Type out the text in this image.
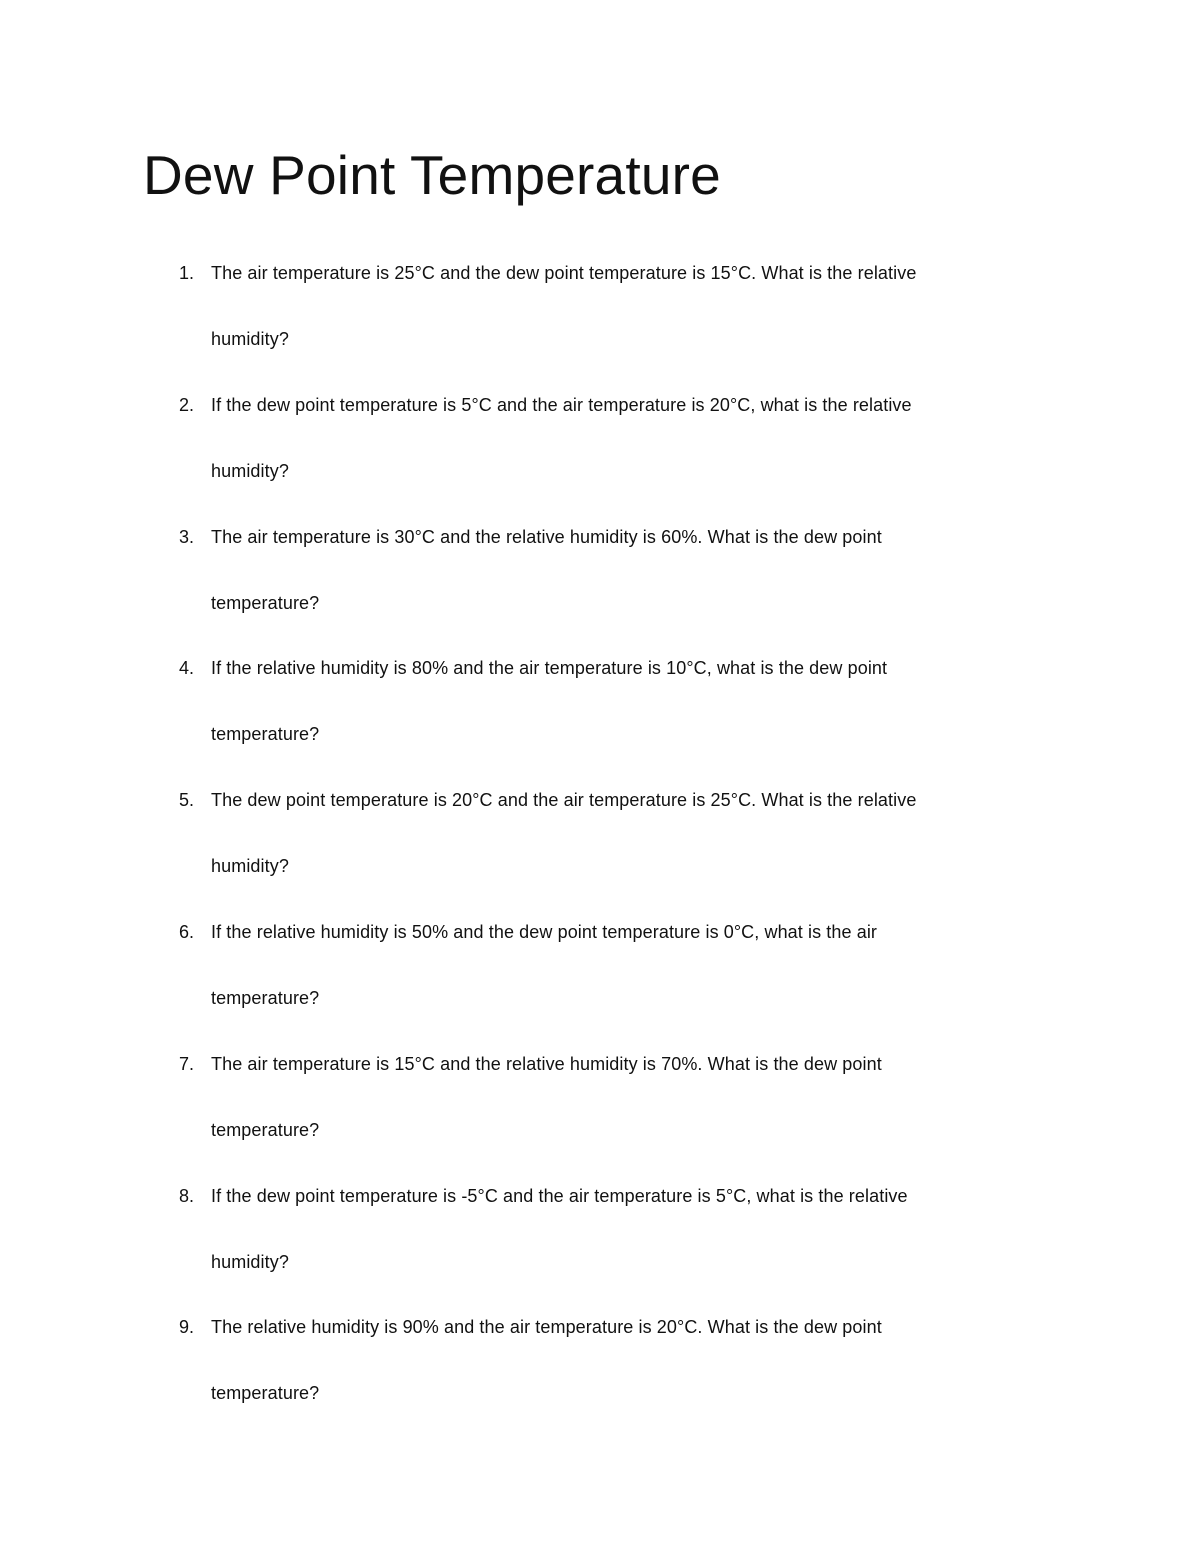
Dew Point Temperature
1. The air temperature is 25°C and the dew point temperature is 15°C. What is the relative humidity?
2. If the dew point temperature is 5°C and the air temperature is 20°C, what is the relative humidity?
3. The air temperature is 30°C and the relative humidity is 60%. What is the dew point temperature?
4. If the relative humidity is 80% and the air temperature is 10°C, what is the dew point temperature?
5. The dew point temperature is 20°C and the air temperature is 25°C. What is the relative humidity?
6. If the relative humidity is 50% and the dew point temperature is 0°C, what is the air temperature?
7. The air temperature is 15°C and the relative humidity is 70%. What is the dew point temperature?
8. If the dew point temperature is -5°C and the air temperature is 5°C, what is the relative humidity?
9. The relative humidity is 90% and the air temperature is 20°C. What is the dew point temperature?
